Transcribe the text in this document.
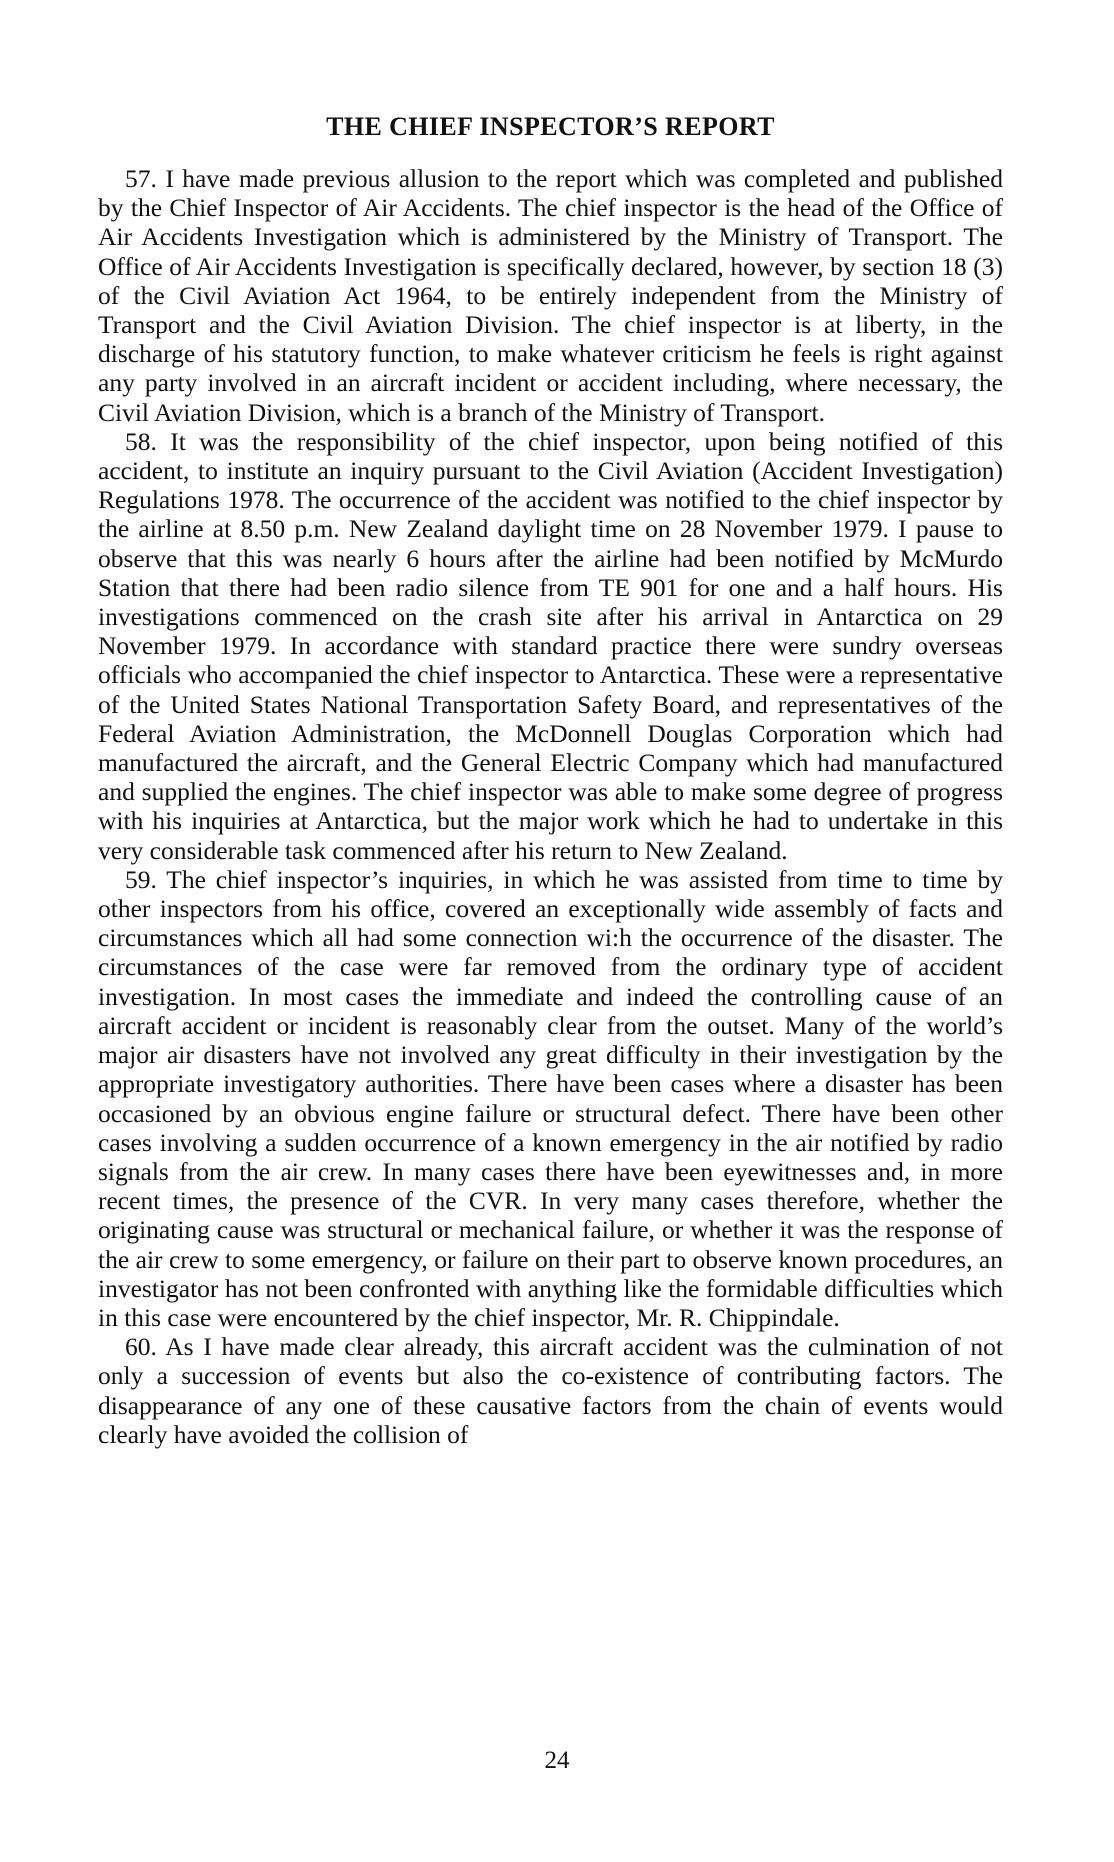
THE CHIEF INSPECTOR’S REPORT

57. I have made previous allusion to the report which was completed and published by the Chief Inspector of Air Accidents. The chief inspector is the head of the Office of Air Accidents Investigation which is administered by the Ministry of Transport. The Office of Air Accidents Investigation is specifically declared, however, by section 18 (3) of the Civil Aviation Act 1964, to be entirely independent from the Ministry of Transport and the Civil Aviation Division. The chief inspector is at liberty, in the discharge of his statutory function, to make whatever criticism he feels is right against any party involved in an aircraft incident or accident including, where necessary, the Civil Aviation Division, which is a branch of the Ministry of Transport.

58. It was the responsibility of the chief inspector, upon being notified of this accident, to institute an inquiry pursuant to the Civil Aviation (Accident Investigation) Regulations 1978. The occurrence of the accident was notified to the chief inspector by the airline at 8.50 p.m. New Zealand daylight time on 28 November 1979. I pause to observe that this was nearly 6 hours after the airline had been notified by McMurdo Station that there had been radio silence from TE 901 for one and a half hours. His investigations commenced on the crash site after his arrival in Antarctica on 29 November 1979. In accordance with standard practice there were sundry overseas officials who accompanied the chief inspector to Antarctica. These were a representative of the United States National Transportation Safety Board, and representatives of the Federal Aviation Administration, the McDonnell Douglas Corporation which had manufactured the aircraft, and the General Electric Company which had manufactured and supplied the engines. The chief inspector was able to make some degree of progress with his inquiries at Antarctica, but the major work which he had to undertake in this very considerable task commenced after his return to New Zealand.

59. The chief inspector’s inquiries, in which he was assisted from time to time by other inspectors from his office, covered an exceptionally wide assembly of facts and circumstances which all had some connection wi:h the occurrence of the disaster. The circumstances of the case were far removed from the ordinary type of accident investigation. In most cases the immediate and indeed the controlling cause of an aircraft accident or incident is reasonably clear from the outset. Many of the world’s major air disasters have not involved any great difficulty in their investigation by the appropriate investigatory authorities. There have been cases where a disaster has been occasioned by an obvious engine failure or structural defect. There have been other cases involving a sudden occurrence of a known emergency in the air notified by radio signals from the air crew. In many cases there have been eyewitnesses and, in more recent times, the presence of the CVR. In very many cases therefore, whether the originating cause was structural or mechanical failure, or whether it was the response of the air crew to some emergency, or failure on their part to observe known procedures, an investigator has not been confronted with anything like the formidable difficulties which in this case were encountered by the chief inspector, Mr. R. Chippindale.

60. As I have made clear already, this aircraft accident was the culmination of not only a succession of events but also the co-existence of contributing factors. The disappearance of any one of these causative factors from the chain of events would clearly have avoided the collision of

24
